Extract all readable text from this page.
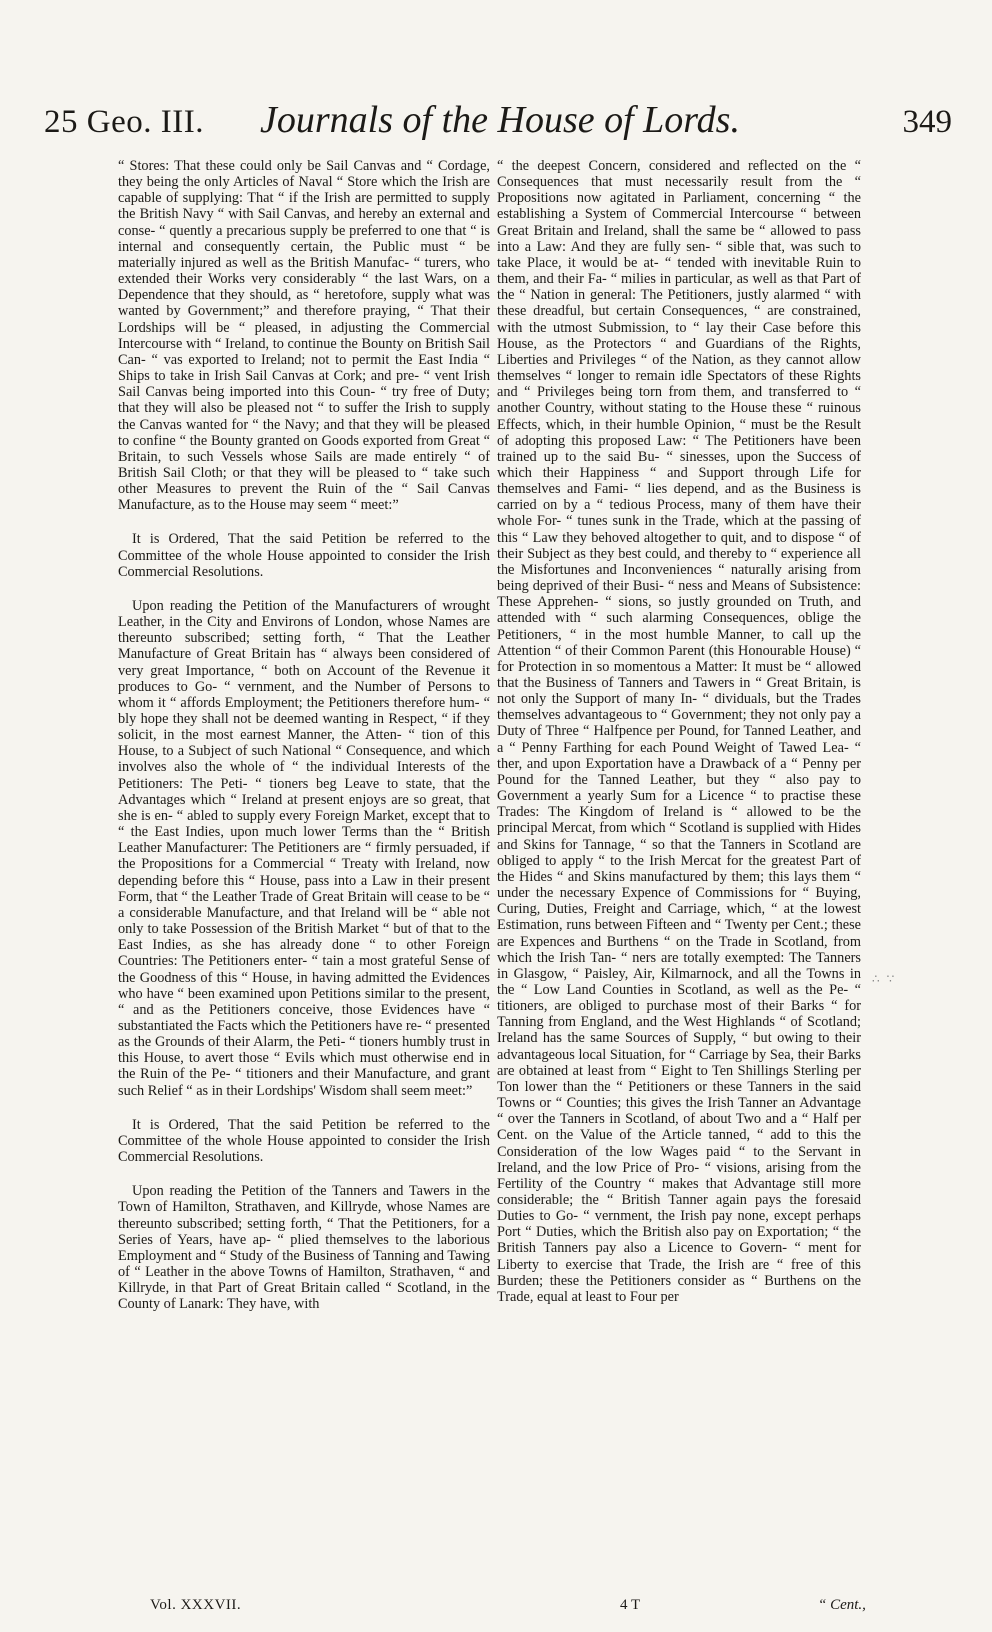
25 Geo. III. Journals of the House of Lords.	349

“ Stores: That these could only be Sail Canvas and “ Cordage, they being the only Articles of Naval “ Store which the Irish are capable of supplying: That “ if the Irish are permitted to supply the British Navy “ with Sail Canvas, and hereby an external and conse- “ quently a precarious supply be preferred to one that “ is internal and consequently certain, the Public must “ be materially injured as well as the British Manufac- “ turers, who extended their Works very considerably “ the last Wars, on a Dependence that they should, as “ heretofore, supply what was wanted by Government;” and therefore praying, “ That their Lordships will be “ pleased, in adjusting the Commercial Intercourse with “ Ireland, to continue the Bounty on British Sail Can- “ vas exported to Ireland; not to permit the East India “ Ships to take in Irish Sail Canvas at Cork; and pre- “ vent Irish Sail Canvas being imported into this Coun- “ try free of Duty; that they will also be pleased not “ to suffer the Irish to supply the Canvas wanted for “ the Navy; and that they will be pleased to confine “ the Bounty granted on Goods exported from Great “ Britain, to such Vessels whose Sails are made entirely “ of British Sail Cloth; or that they will be pleased to “ take such other Measures to prevent the Ruin of the “ Sail Canvas Manufacture, as to the House may seem “ meet:”

It is Ordered, That the said Petition be referred to the Committee of the whole House appointed to consider the Irish Commercial Resolutions.

Upon reading the Petition of the Manufacturers of wrought Leather, in the City and Environs of London, whose Names are thereunto subscribed; setting forth, “ That the Leather Manufacture of Great Britain has “ always been considered of very great Importance, “ both on Account of the Revenue it produces to Go- “ vernment, and the Number of Persons to whom it “ affords Employment; the Petitioners therefore hum- “ bly hope they shall not be deemed wanting in Respect, “ if they solicit, in the most earnest Manner, the Atten- “ tion of this House, to a Subject of such National “ Consequence, and which involves also the whole of “ the individual Interests of the Petitioners: The Peti- “ tioners beg Leave to state, that the Advantages which “ Ireland at present enjoys are so great, that she is en- “ abled to supply every Foreign Market, except that to “ the East Indies, upon much lower Terms than the “ British Leather Manufacturer: The Petitioners are “ firmly persuaded, if the Propositions for a Commercial “ Treaty with Ireland, now depending before this “ House, pass into a Law in their present Form, that “ the Leather Trade of Great Britain will cease to be “ a considerable Manufacture, and that Ireland will be “ able not only to take Possession of the British Market “ but of that to the East Indies, as she has already done “ to other Foreign Countries: The Petitioners enter- “ tain a most grateful Sense of the Goodness of this “ House, in having admitted the Evidences who have “ been examined upon Petitions similar to the present, “ and as the Petitioners conceive, those Evidences have “ substantiated the Facts which the Petitioners have re- “ presented as the Grounds of their Alarm, the Peti- “ tioners humbly trust in this House, to avert those “ Evils which must otherwise end in the Ruin of the Pe- “ titioners and their Manufacture, and grant such Relief “ as in their Lordships' Wisdom shall seem meet:”

It is Ordered, That the said Petition be referred to the Committee of the whole House appointed to consider the Irish Commercial Resolutions.

Upon reading the Petition of the Tanners and Tawers in the Town of Hamilton, Strathaven, and Killryde, whose Names are thereunto subscribed; setting forth, “ That the Petitioners, for a Series of Years, have ap- “ plied themselves to the laborious Employment and “ Study of the Business of Tanning and Tawing of “ Leather in the above Towns of Hamilton, Strathaven, “ and Killryde, in that Part of Great Britain called “ Scotland, in the County of Lanark: They have, with

“ the deepest Concern, considered and reflected on the “ Consequences that must necessarily result from the “ Propositions now agitated in Parliament, concerning “ the establishing a System of Commercial Intercourse “ between Great Britain and Ireland, shall the same be “ allowed to pass into a Law: And they are fully sen- “ sible that, was such to take Place, it would be at- “ tended with inevitable Ruin to them, and their Fa- “ milies in particular, as well as that Part of the “ Nation in general: The Petitioners, justly alarmed “ with these dreadful, but certain Consequences, “ are constrained, with the utmost Submission, to “ lay their Case before this House, as the Protectors “ and Guardians of the Rights, Liberties and Privileges “ of the Nation, as they cannot allow themselves “ longer to remain idle Spectators of these Rights and “ Privileges being torn from them, and transferred to “ another Country, without stating to the House these “ ruinous Effects, which, in their humble Opinion, “ must be the Result of adopting this proposed Law: “ The Petitioners have been trained up to the said Bu- “ sinesses, upon the Success of which their Happiness “ and Support through Life for themselves and Fami- “ lies depend, and as the Business is carried on by a “ tedious Process, many of them have their whole For- “ tunes sunk in the Trade, which at the passing of this “ Law they behoved altogether to quit, and to dispose “ of their Subject as they best could, and thereby to “ experience all the Misfortunes and Inconveniences “ naturally arising from being deprived of their Busi- “ ness and Means of Subsistence: These Apprehen- “ sions, so justly grounded on Truth, and attended with “ such alarming Consequences, oblige the Petitioners, “ in the most humble Manner, to call up the Attention “ of their Common Parent (this Honourable House) “ for Protection in so momentous a Matter: It must be “ allowed that the Business of Tanners and Tawers in “ Great Britain, is not only the Support of many In- “ dividuals, but the Trades themselves advantageous to “ Government; they not only pay a Duty of Three “ Halfpence per Pound, for Tanned Leather, and a “ Penny Farthing for each Pound Weight of Tawed Lea- “ ther, and upon Exportation have a Drawback of a “ Penny per Pound for the Tanned Leather, but they “ also pay to Government a yearly Sum for a Licence “ to practise these Trades: The Kingdom of Ireland is “ allowed to be the principal Mercat, from which “ Scotland is supplied with Hides and Skins for Tannage, “ so that the Tanners in Scotland are obliged to apply “ to the Irish Mercat for the greatest Part of the Hides “ and Skins manufactured by them; this lays them “ under the necessary Expence of Commissions for “ Buying, Curing, Duties, Freight and Carriage, which, “ at the lowest Estimation, runs between Fifteen and “ Twenty per Cent.; these are Expences and Burthens “ on the Trade in Scotland, from which the Irish Tan- “ ners are totally exempted: The Tanners in Glasgow, “ Paisley, Air, Kilmarnock, and all the Towns in the “ Low Land Counties in Scotland, as well as the Pe- “ titioners, are obliged to purchase most of their Barks “ for Tanning from England, and the West Highlands “ of Scotland; Ireland has the same Sources of Supply, “ but owing to their advantageous local Situation, for “ Carriage by Sea, their Barks are obtained at least from “ Eight to Ten Shillings Sterling per Ton lower than the “ Petitioners or these Tanners in the said Towns or “ Counties; this gives the Irish Tanner an Advantage “ over the Tanners in Scotland, of about Two and a “ Half per Cent. on the Value of the Article tanned, “ add to this the Consideration of the low Wages paid “ to the Servant in Ireland, and the low Price of Pro- “ visions, arising from the Fertility of the Country “ makes that Advantage still more considerable; the “ British Tanner again pays the foresaid Duties to Go- “ vernment, the Irish pay none, except perhaps Port “ Duties, which the British also pay on Exportation; “ the British Tanners pay also a Licence to Govern- “ ment for Liberty to exercise that Trade, the Irish are “ free of this Burden; these the Petitioners consider as “ Burthens on the Trade, equal at least to Four per

∴ ∵
Vol. XXXVII.	4 T	“ Cent.,
